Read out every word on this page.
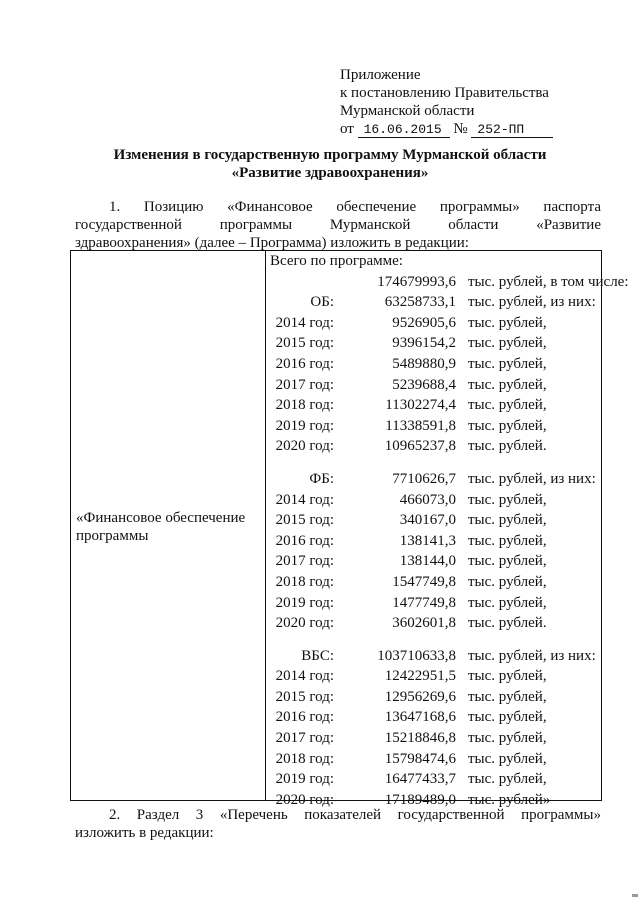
Приложение
к постановлению Правительства
Мурманской области
от 16.06.2015 № 252-ПП
Изменения в государственную программу Мурманской области
«Развитие здравоохранения»
1. Позицию «Финансовое обеспечение программы» паспорта
государственной программы Мурманской области «Развитие
здравоохранения» (далее – Программа) изложить в редакции:
«Финансовое обеспечение программы
Всего по программе:
174679993,6 тыс. рублей, в том числе:
ОБ:	63258733,1 тыс. рублей, из них:
2014 год:	9526905,6 тыс. рублей,
2015 год:	9396154,2 тыс. рублей,
2016 год:	5489880,9 тыс. рублей,
2017 год:	5239688,4 тыс. рублей,
2018 год:	11302274,4 тыс. рублей,
2019 год:	11338591,8 тыс. рублей,
2020 год:	10965237,8 тыс. рублей.
ФБ:	7710626,7 тыс. рублей, из них:
2014 год:	466073,0 тыс. рублей,
2015 год:	340167,0 тыс. рублей,
2016 год:	138141,3 тыс. рублей,
2017 год:	138144,0 тыс. рублей,
2018 год:	1547749,8 тыс. рублей,
2019 год:	1477749,8 тыс. рублей,
2020 год:	3602601,8 тыс. рублей.
ВБС:	103710633,8 тыс. рублей, из них:
2014 год:	12422951,5 тыс. рублей,
2015 год:	12956269,6 тыс. рублей,
2016 год:	13647168,6 тыс. рублей,
2017 год:	15218846,8 тыс. рублей,
2018 год:	15798474,6 тыс. рублей,
2019 год:	16477433,7 тыс. рублей,
2020 год:	17189489,0 тыс. рублей»
2. Раздел 3 «Перечень показателей государственной программы»
изложить в редакции:
